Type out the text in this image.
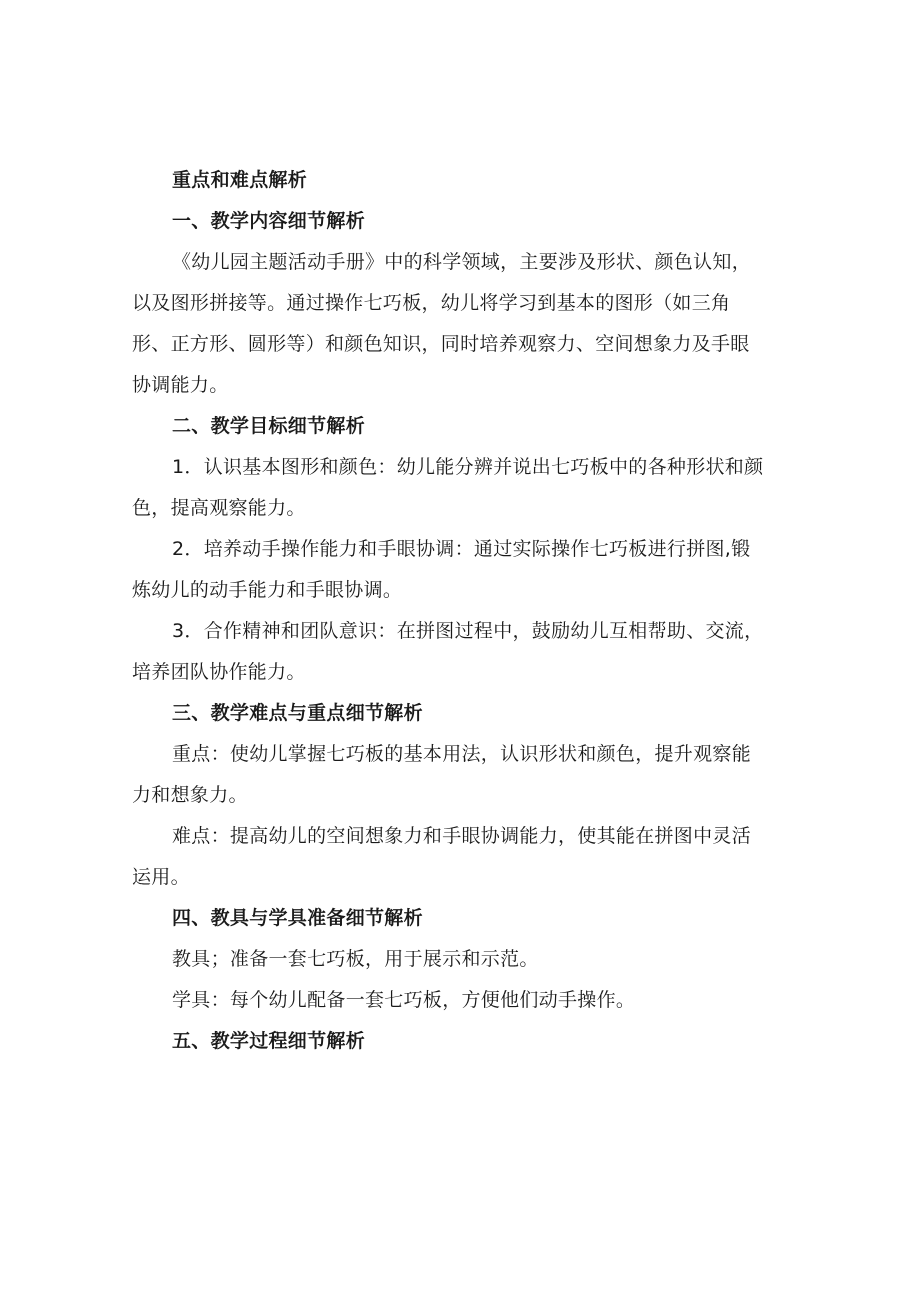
重点和难点解析
一、教学内容细节解析
《幼儿园主题活动手册》中的科学领域，主要涉及形状、颜色认知，
以及图形拼接等。通过操作七巧板，幼儿将学习到基本的图形（如三角
形、正方形、圆形等）和颜色知识，同时培养观察力、空间想象力及手眼
协调能力。
二、教学目标细节解析
1．认识基本图形和颜色：幼儿能分辨并说出七巧板中的各种形状和颜
色，提高观察能力。
2．培养动手操作能力和手眼协调：通过实际操作七巧板进行拼图,锻
炼幼儿的动手能力和手眼协调。
3．合作精神和团队意识：在拼图过程中，鼓励幼儿互相帮助、交流，
培养团队协作能力。
三、教学难点与重点细节解析
重点：使幼儿掌握七巧板的基本用法，认识形状和颜色，提升观察能
力和想象力。
难点：提高幼儿的空间想象力和手眼协调能力，使其能在拼图中灵活
运用。
四、教具与学具准备细节解析
教具；准备一套七巧板，用于展示和示范。
学具：每个幼儿配备一套七巧板，方便他们动手操作。
五、教学过程细节解析
